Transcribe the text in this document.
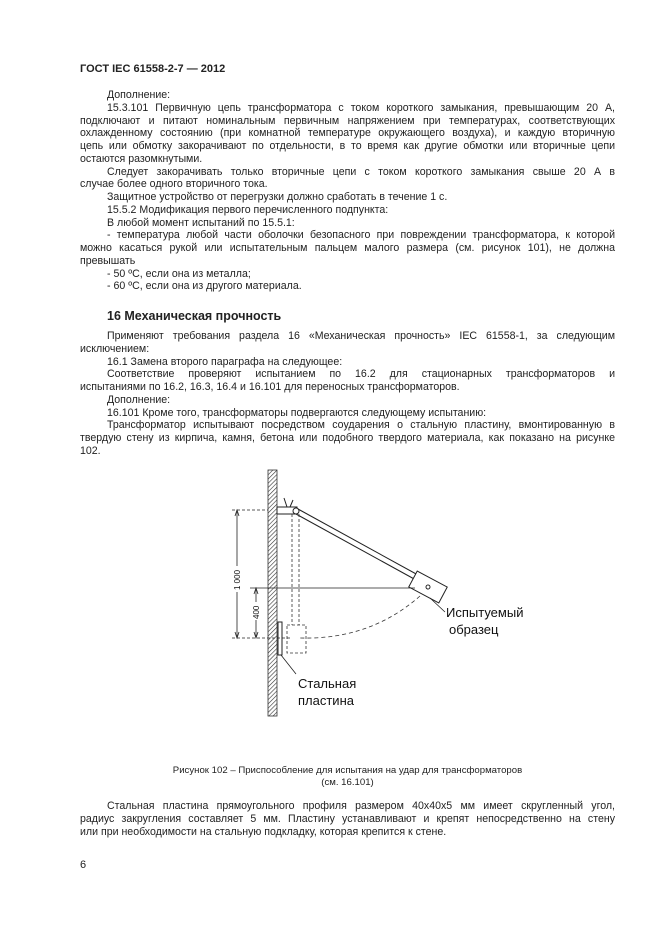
ГОСТ IEC 61558-2-7 — 2012
Дополнение:
15.3.101 Первичную цепь трансформатора с током короткого замыкания, превышающим 20 А,
подключают и питают номинальным первичным напряжением при температурах, соответствующих
охлажденному состоянию (при комнатной температуре окружающего воздуха), и каждую вторичную
цепь или обмотку закорачивают по отдельности, в то время как другие обмотки или вторичные цепи
остаются разомкнутыми.
Следует закорачивать только вторичные цепи с током короткого замыкания свыше 20 А в
случае более одного вторичного тока.
Защитное устройство от перегрузки должно сработать в течение 1 с.
15.5.2 Модификация первого перечисленного подпункта:
В любой момент испытаний по 15.5.1:
- температура любой части оболочки безопасного при повреждении трансформатора, к которой
можно касаться рукой или испытательным пальцем малого размера (см. рисунок 101), не должна
превышать
- 50 ºС, если она из металла;
- 60 ºС, если она из другого материала.
16 Механическая прочность
Применяют требования раздела 16 «Механическая прочность» IEC 61558-1, за следующим
исключением:
16.1 Замена второго параграфа на следующее:
Соответствие проверяют испытанием по 16.2 для стационарных трансформаторов и
испытаниями по 16.2, 16.3, 16.4 и 16.101 для переносных трансформаторов.
Дополнение:
16.101 Кроме того, трансформаторы подвергаются следующему испытанию:
Трансформатор испытывают посредством соударения о стальную пластину, вмонтированную в
твердую стену из кирпича, камня, бетона или подобного твердого материала, как показано на рисунке
102.
1 000
400	Испытуемый
образец
Стальная
пластина
Рисунок 102 – Приспособление для испытания на удар для трансформаторов
(см. 16.101)
Стальная пластина прямоугольного профиля размером 40x40x5 мм имеет скругленный угол,
радиус закругления составляет 5 мм. Пластину устанавливают и крепят непосредственно на стену
или при необходимости на стальную подкладку, которая крепится к стене.
6
